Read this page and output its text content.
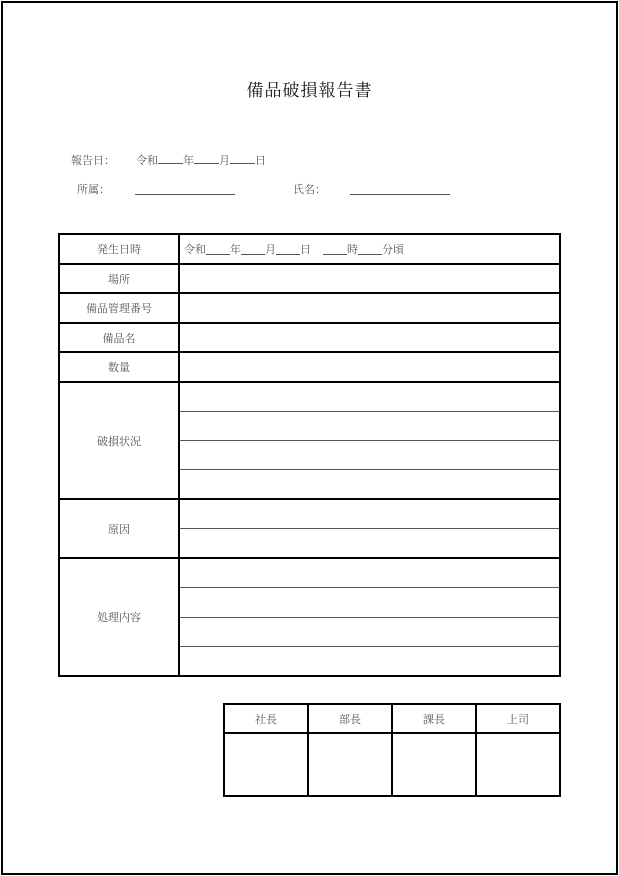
備品破損報告書
報告日： 令和 年 月 日
所属：	氏名：
発生日時	令和 年 月 日	時 分頃
場所
備品管理番号
備品名
数量
破損状況
原因
処理内容
社長	部長	課長	上司
